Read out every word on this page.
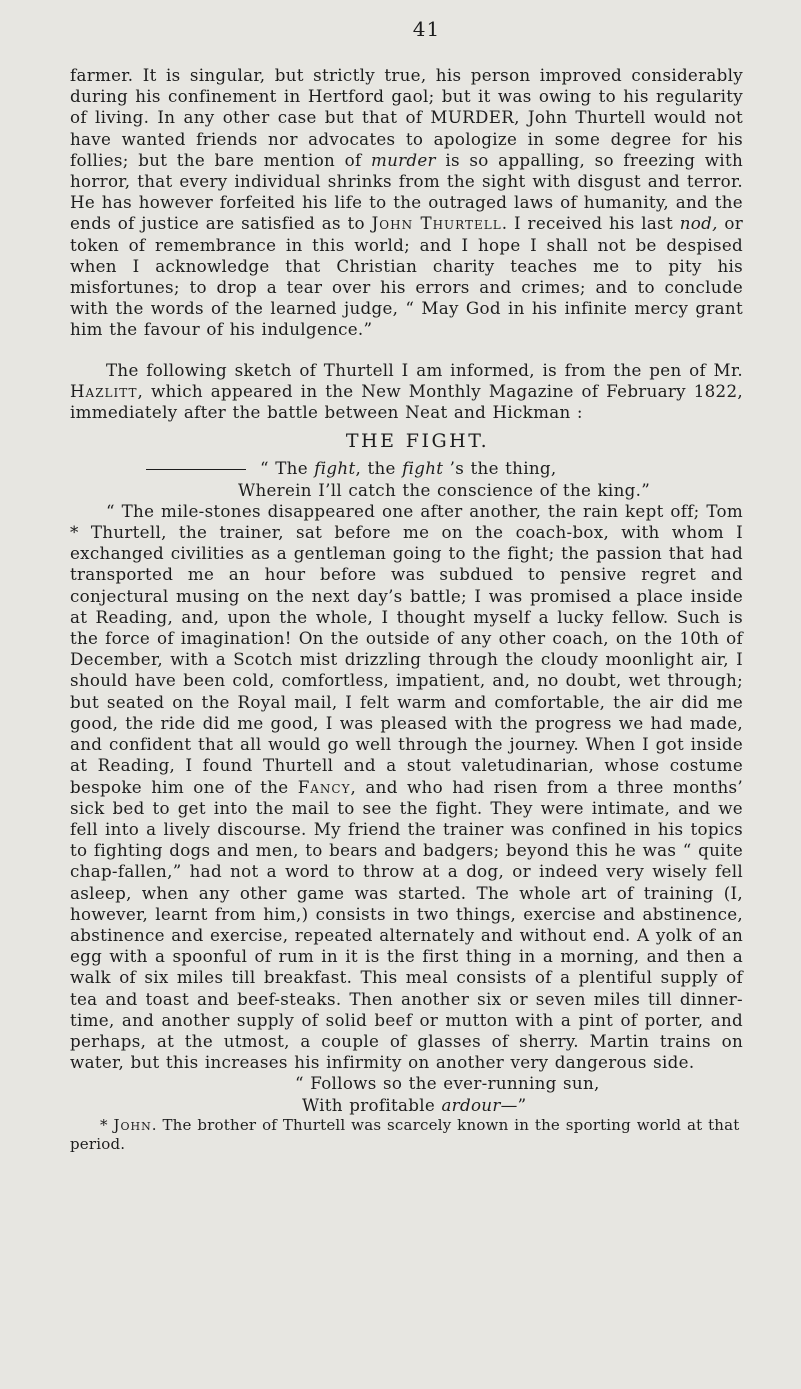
41

farmer. It is singular, but strictly true, his person improved considerably during his confinement in Hertford gaol; but it was owing to his regularity of living. In any other case but that of MURDER, John Thurtell would not have wanted friends nor advocates to apologize in some degree for his follies; but the bare mention of murder is so appalling, so freezing with horror, that every individual shrinks from the sight with disgust and terror. He has however forfeited his life to the outraged laws of humanity, and the ends of justice are satisfied as to John Thurtell. I received his last nod, or token of remembrance in this world; and I hope I shall not be despised when I acknowledge that Christian charity teaches me to pity his misfortunes; to drop a tear over his errors and crimes; and to conclude with the words of the learned judge, “ May God in his infinite mercy grant him the favour of his indulgence.”

The following sketch of Thurtell I am informed, is from the pen of Mr. Hazlitt, which appeared in the New Monthly Magazine of February 1822, immediately after the battle between Neat and Hickman :

THE FIGHT.

“ The fight, the fight ’s the thing,

Wherein I’ll catch the conscience of the king.”

“ The mile-stones disappeared one after another, the rain kept off; Tom * Thurtell, the trainer, sat before me on the coach-box, with whom I exchanged civilities as a gentleman going to the fight; the passion that had transported me an hour before was subdued to pensive regret and conjectural musing on the next day’s battle; I was promised a place inside at Reading, and, upon the whole, I thought myself a lucky fellow. Such is the force of imagination! On the outside of any other coach, on the 10th of December, with a Scotch mist drizzling through the cloudy moonlight air, I should have been cold, comfortless, impatient, and, no doubt, wet through; but seated on the Royal mail, I felt warm and comfortable, the air did me good, the ride did me good, I was pleased with the progress we had made, and confident that all would go well through the journey. When I got inside at Reading, I found Thurtell and a stout valetudinarian, whose costume bespoke him one of the Fancy, and who had risen from a three months’ sick bed to get into the mail to see the fight. They were intimate, and we fell into a lively discourse. My friend the trainer was confined in his topics to fighting dogs and men, to bears and badgers; beyond this he was “ quite chap-fallen,” had not a word to throw at a dog, or indeed very wisely fell asleep, when any other game was started. The whole art of training (I, however, learnt from him,) consists in two things, exercise and abstinence, abstinence and exercise, repeated alternately and without end. A yolk of an egg with a spoonful of rum in it is the first thing in a morning, and then a walk of six miles till breakfast. This meal consists of a plentiful supply of tea and toast and beef-steaks. Then another six or seven miles till dinner-time, and another supply of solid beef or mutton with a pint of porter, and perhaps, at the utmost, a couple of glasses of sherry. Martin trains on water, but this increases his infirmity on another very dangerous side.

“ Follows so the ever-running sun,

With profitable ardour—”

* John. The brother of Thurtell was scarcely known in the sporting world at that period.
